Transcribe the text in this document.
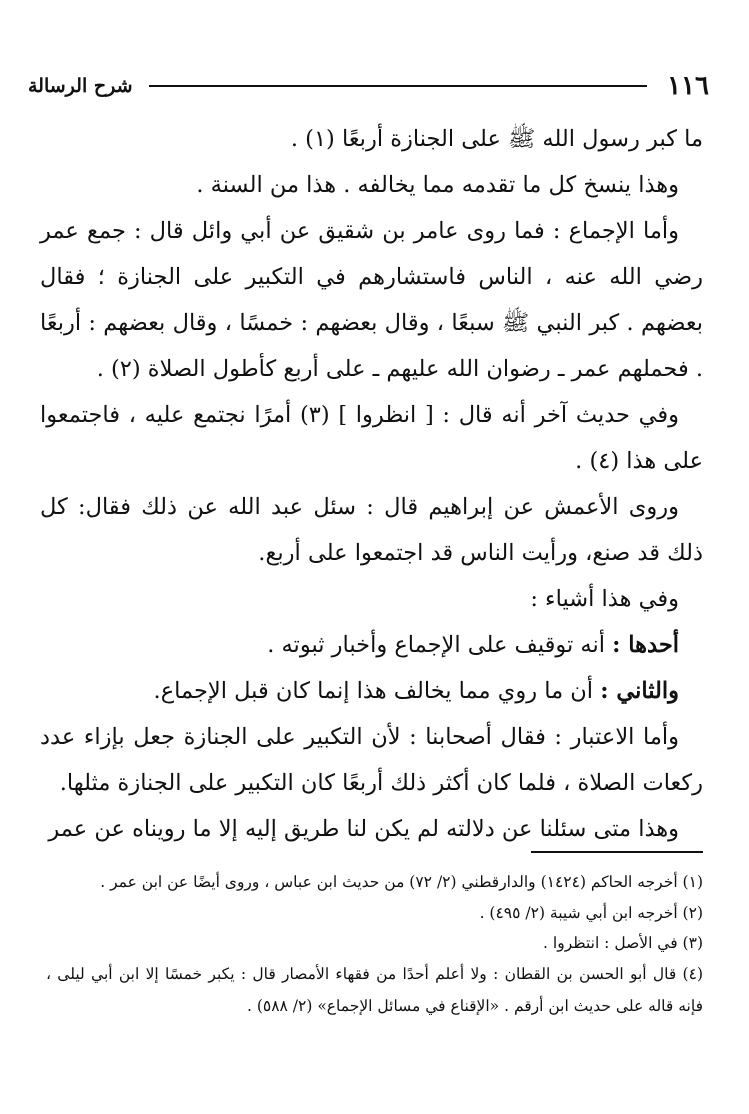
١١٦
شرح الرسالة

ما كبر رسول الله ﷺ على الجنازة أربعًا (١) .

وهذا ينسخ كل ما تقدمه مما يخالفه . هذا من السنة .

وأما الإجماع : فما روى عامر بن شقيق عن أبي وائل قال : جمع عمر رضي الله عنه ، الناس فاستشارهم في التكبير على الجنازة ؛ فقال بعضهم . كبر النبي ﷺ سبعًا ، وقال بعضهم : خمسًا ، وقال بعضهم : أربعًا . فحملهم عمر ـ رضوان الله عليهم ـ على أربع كأطول الصلاة (٢) .

وفي حديث آخر أنه قال : [ انظروا ] (٣) أمرًا نجتمع عليه ، فاجتمعوا على هذا (٤) .

وروى الأعمش عن إبراهيم قال : سئل عبد الله عن ذلك فقال: كل ذلك قد صنع، ورأيت الناس قد اجتمعوا على أربع.

وفي هذا أشياء :

أحدها : أنه توقيف على الإجماع وأخبار ثبوته .

والثاني : أن ما روي مما يخالف هذا إنما كان قبل الإجماع.

وأما الاعتبار : فقال أصحابنا : لأن التكبير على الجنازة جعل بإزاء عدد ركعات الصلاة ، فلما كان أكثر ذلك أربعًا كان التكبير على الجنازة مثلها.

وهذا متى سئلنا عن دلالته لم يكن لنا طريق إليه إلا ما رويناه عن عمر

(١) أخرجه الحاكم (١٤٢٤) والدارقطني (٢/ ٧٢) من حديث ابن عباس ، وروى أيضًا عن ابن عمر .

(٢) أخرجه ابن أبي شيبة (٢/ ٤٩٥) .

(٣) في الأصل : انتظروا .

(٤) قال أبو الحسن بن القطان : ولا أعلم أحدًا من فقهاء الأمصار قال : يكبر خمسًا إلا ابن أبي ليلى ، فإنه قاله على حديث ابن أرقم . «الإقناع في مسائل الإجماع» (٢/ ٥٨٨) .
